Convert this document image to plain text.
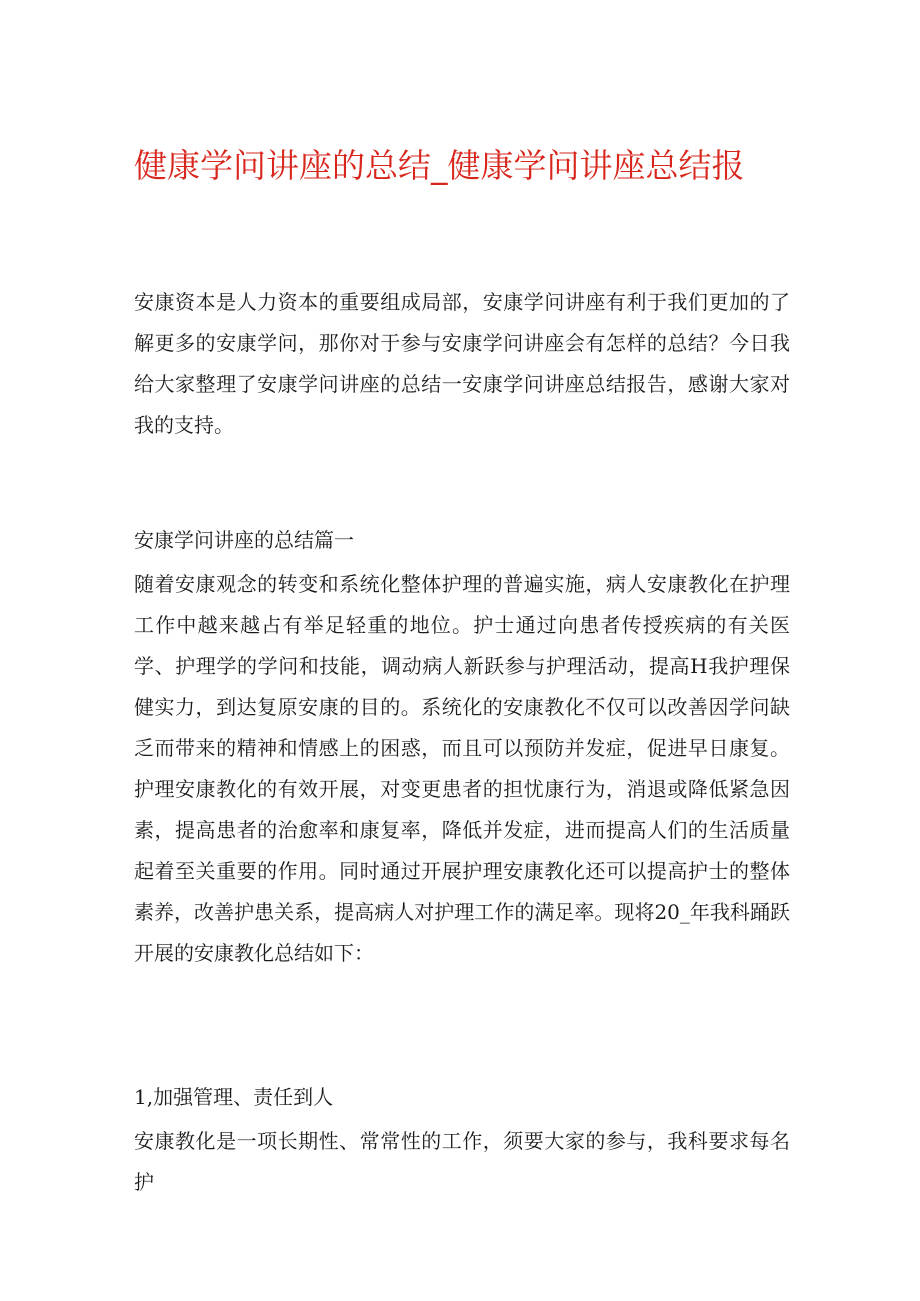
健康学问讲座的总结_健康学问讲座总结报

安康资本是人力资本的重要组成局部，安康学问讲座有利于我们更加的了解更多的安康学问，那你对于参与安康学问讲座会有怎样的总结？今日我给大家整理了安康学问讲座的总结一安康学问讲座总结报告，感谢大家对我的支持。

安康学问讲座的总结篇一

随着安康观念的转变和系统化整体护理的普遍实施，病人安康教化在护理工作中越来越占有举足轻重的地位。护士通过向患者传授疾病的有关医学、护理学的学问和技能，调动病人新跃参与护理活动，提高H我护理保健实力，到达复原安康的目的。系统化的安康教化不仅可以改善因学问缺乏而带来的精神和情感上的困惑，而且可以预防并发症，促进早日康复。护理安康教化的有效开展，对变更患者的担忧康行为，消退或降低紧急因素，提高患者的治愈率和康复率，降低并发症，进而提高人们的生活质量起着至关重要的作用。同时通过开展护理安康教化还可以提高护士的整体素养，改善护患关系，提高病人对护理工作的满足率。现将20_年我科踊跃开展的安康教化总结如下：

1,加强管理、责任到人

安康教化是一项长期性、常常性的工作，须要大家的参与，我科要求每名护
